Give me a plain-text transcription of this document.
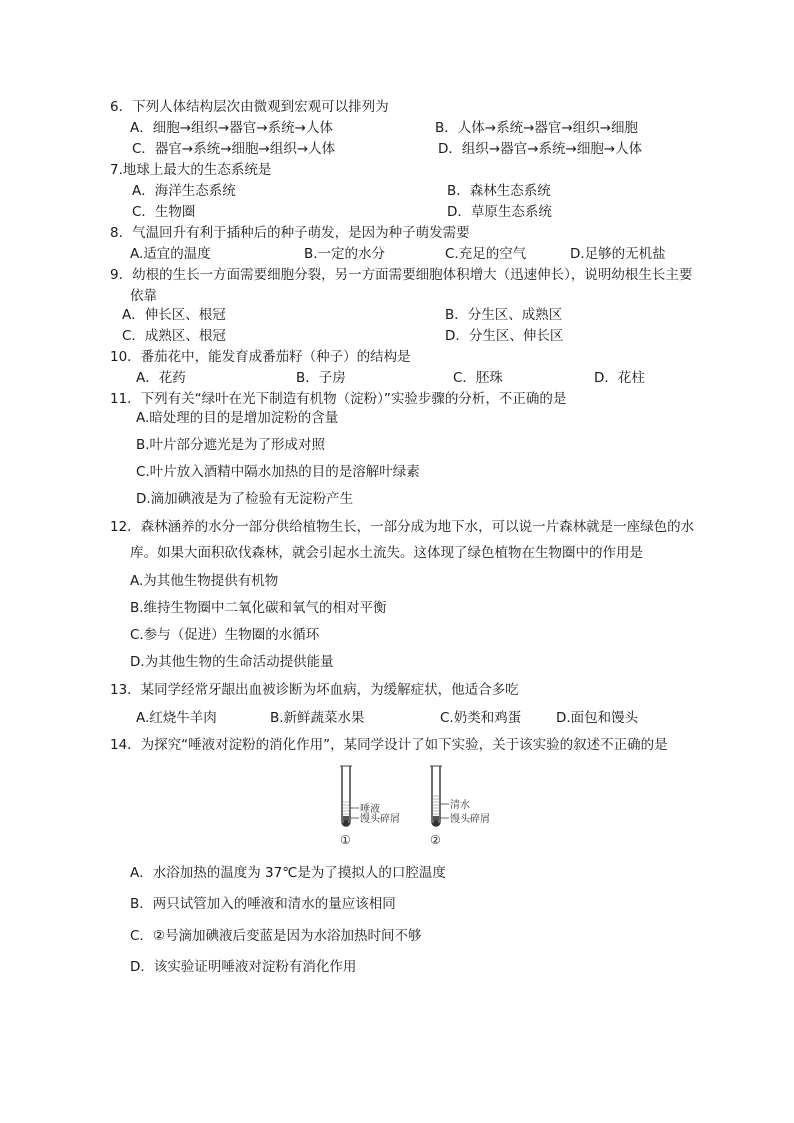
6．下列人体结构层次由微观到宏观可以排列为
A．细胞→组织→器官→系统→人体	B．人体→系统→器官→组织→细胞
C．器官→系统→细胞→组织→人体	D．组织→器官→系统→细胞→人体
7.地球上最大的生态系统是
A．海洋生态系统	B．森林生态系统
C．生物圈	D．草原生态系统
8．气温回升有利于插种后的种子萌发，是因为种子萌发需要
A.适宜的温度	B.一定的水分	C.充足的空气	D.足够的无机盐
9．幼根的生长一方面需要细胞分裂，另一方面需要细胞体积增大（迅速伸长），说明幼根生长主要
依靠
A．伸长区、根冠	B．分生区、成熟区
C．成熟区、根冠	D．分生区、伸长区
10．番茄花中，能发育成番茄籽（种子）的结构是
A．花药	B．子房	C．胚珠	D．花柱
11．下列有关“绿叶在光下制造有机物（淀粉）”实验步骤的分析，不正确的是
A.暗处理的目的是增加淀粉的含量
B.叶片部分遮光是为了形成对照
C.叶片放入酒精中隔水加热的目的是溶解叶绿素
D.滴加碘液是为了检验有无淀粉产生
12．森林涵养的水分一部分供给植物生长，一部分成为地下水，可以说一片森林就是一座绿色的水
库。如果大面积砍伐森林，就会引起水土流失。这体现了绿色植物在生物圈中的作用是
A.为其他生物提供有机物
B.维持生物圈中二氧化碳和氧气的相对平衡
C.参与（促进）生物圈的水循环
D.为其他生物的生命活动提供能量
13．某同学经常牙龈出血被诊断为坏血病，为缓解症状，他适合多吃
A.红烧牛羊肉	B.新鲜蔬菜水果	C.奶类和鸡蛋	D.面包和馒头
14．为探究“唾液对淀粉的消化作用”，某同学设计了如下实验，关于该实验的叙述不正确的是
唾液
馒头碎屑
①
清水
馒头碎屑
②
A．水浴加热的温度为 37℃是为了摸拟人的口腔温度
B．两只试管加入的唾液和清水的量应该相同
C．②号滴加碘液后变蓝是因为水浴加热时间不够
D．该实验证明唾液对淀粉有消化作用
